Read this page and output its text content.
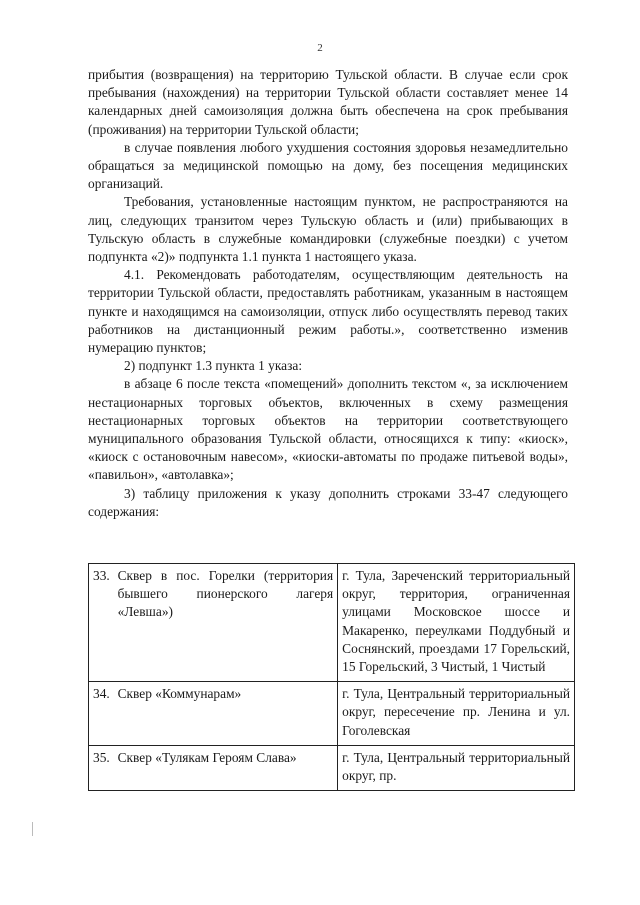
2

прибытия (возвращения) на территорию Тульской области. В случае если срок пребывания (нахождения) на территории Тульской области составляет менее 14 календарных дней самоизоляция должна быть обеспечена на срок пребывания (проживания) на территории Тульской области;

в случае появления любого ухудшения состояния здоровья незамедлительно обращаться за медицинской помощью на дому, без посещения медицинских организаций.

Требования, установленные настоящим пунктом, не распространяются на лиц, следующих транзитом через Тульскую область и (или) прибывающих в Тульскую область в служебные командировки (служебные поездки) с учетом подпункта «2)» подпункта 1.1 пункта 1 настоящего указа.

4.1. Рекомендовать работодателям, осуществляющим деятельность на территории Тульской области, предоставлять работникам, указанным в настоящем пункте и находящимся на самоизоляции, отпуск либо осуществлять перевод таких работников на дистанционный режим работы.», соответственно изменив нумерацию пунктов;

2) подпункт 1.3 пункта 1 указа:

в абзаце 6 после текста «помещений» дополнить текстом «, за исключением нестационарных торговых объектов, включенных в схему размещения нестационарных торговых объектов на территории соответствующего муниципального образования Тульской области, относящихся к типу: «киоск», «киоск с остановочным навесом», «киоски-автоматы по продаже питьевой воды», «павильон», «автолавка»;

3) таблицу приложения к указу дополнить строками 33-47 следующего содержания:

33.	Сквер в пос. Горелки (территория бывшего пионерского лагеря «Левша»)	г. Тула, Зареченский территориальный округ, территория, ограниченная улицами Московское шоссе и Макаренко, переулками Поддубный и Соснянский, проездами 17 Горельский, 15 Горельский, 3 Чистый, 1 Чистый
34.	Сквер «Коммунарам»	г. Тула, Центральный территориальный округ, пересечение пр. Ленина и ул. Гоголевская
35.	Сквер «Тулякам Героям Слава»	г. Тула, Центральный территориальный округ, пр.
